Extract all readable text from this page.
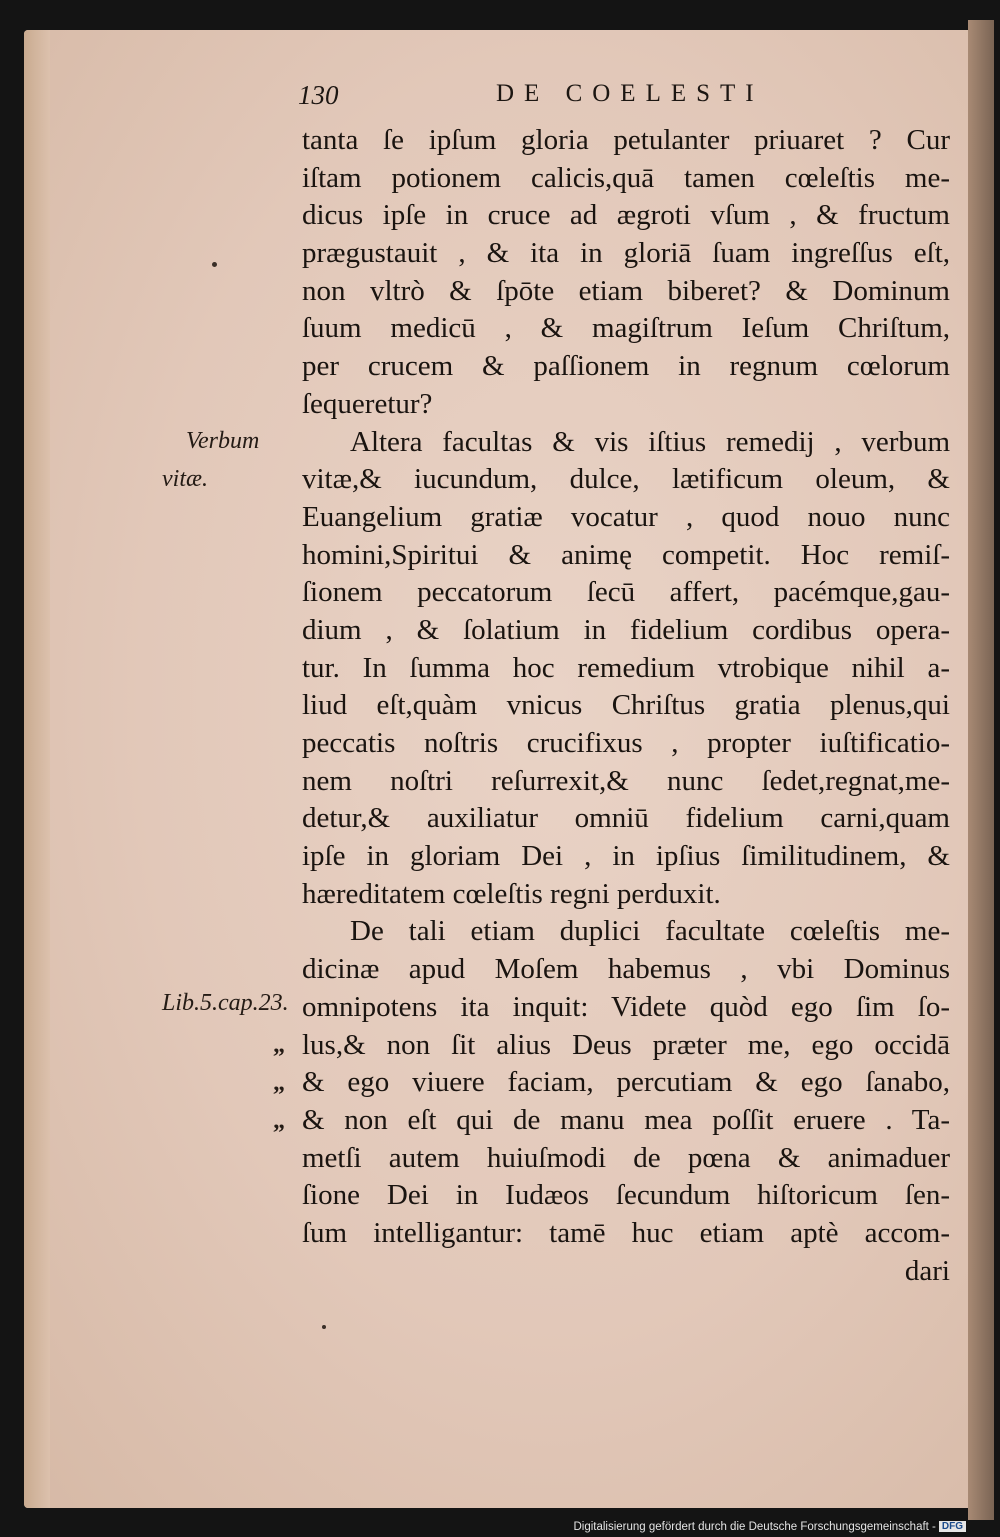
130	DE COELESTI
tanta ſe ipſum gloria petulanter priuaret ? Cur
iſtam potionem calicis,quā tamen cœleſtis me-
dicus ipſe in cruce ad ægroti vſum , & fructum
prægustauit , & ita in gloriā ſuam ingreſſus eſt,
non vltrò & ſpōte etiam biberet? & Dominum
ſuum medicū , & magiſtrum Ieſum Chriſtum,
per crucem & paſſionem in regnum cœlorum
ſequeretur?
Altera facultas & vis iſtius remedij , verbum
vitæ,& iucundum, dulce, lætificum oleum, &
Euangelium gratiæ vocatur , quod nouo nunc
homini,Spiritui & animę competit. Hoc remiſ-
ſionem peccatorum ſecū affert, pacémque,gau-
dium , & ſolatium in fidelium cordibus opera-
tur. In ſumma hoc remedium vtrobique nihil a-
liud eſt,quàm vnicus Chriſtus gratia plenus,qui
peccatis noſtris crucifixus , propter iuſtificatio-
nem noſtri reſurrexit,& nunc ſedet,regnat,me-
detur,& auxiliatur omniū fidelium carni,quam
ipſe in gloriam Dei , in ipſius ſimilitudinem, &
hæreditatem cœleſtis regni perduxit.
De tali etiam duplici facultate cœleſtis me-
dicinæ apud Moſem habemus , vbi Dominus
omnipotens ita inquit: Videte quòd ego ſim ſo-
lus,& non ſit alius Deus præter me, ego occidā
& ego viuere faciam, percutiam & ego ſanabo,
& non eſt qui de manu mea poſſit eruere . Ta-
metſi autem huiuſmodi de pœna & animaduer
ſione Dei in Iudæos ſecundum hiſtoricum ſen-
ſum intelligantur: tamē huc etiam aptè accom-
dari
Verbum
vitæ.
Lib.5.cap.23.
„
„
„
Digitalisierung gefördert durch die Deutsche Forschungsgemeinschaft - DFG
